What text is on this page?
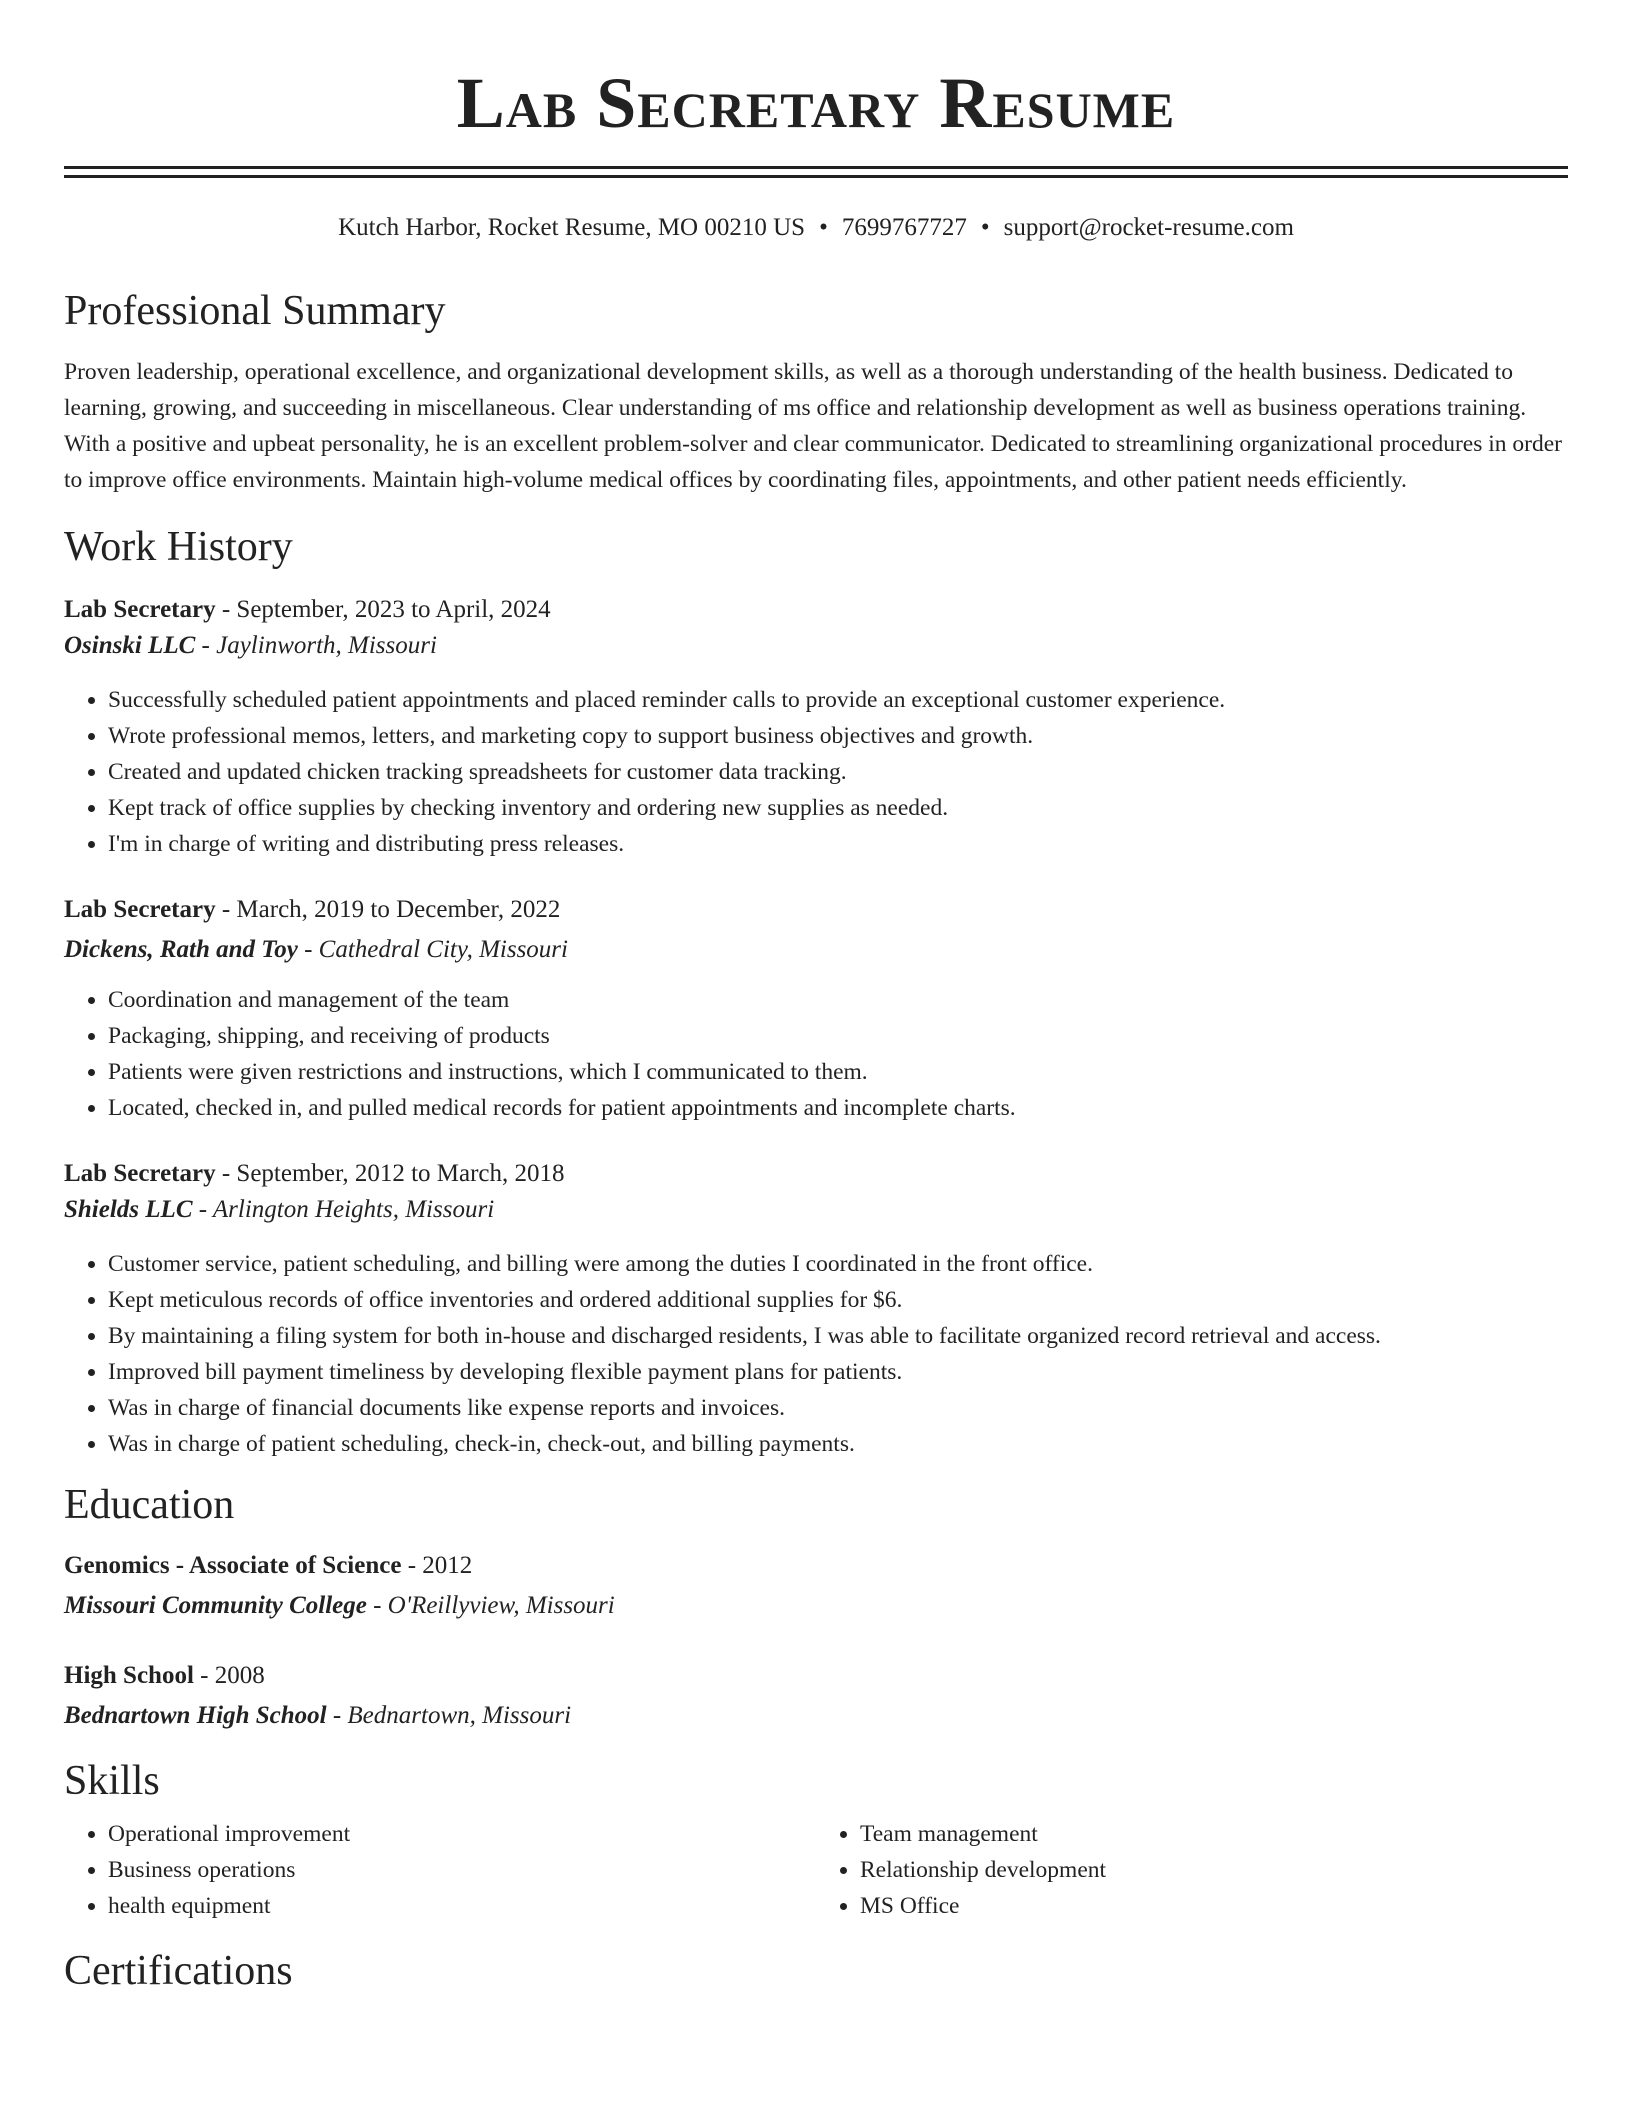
Lab Secretary Resume
Kutch Harbor, Rocket Resume, MO 00210 US • 7699767727 • support@rocket-resume.com
Professional Summary
Proven leadership, operational excellence, and organizational development skills, as well as a thorough understanding of the health business. Dedicated to learning, growing, and succeeding in miscellaneous. Clear understanding of ms office and relationship development as well as business operations training. With a positive and upbeat personality, he is an excellent problem-solver and clear communicator. Dedicated to streamlining organizational procedures in order to improve office environments. Maintain high-volume medical offices by coordinating files, appointments, and other patient needs efficiently.
Work History
Lab Secretary - September, 2023 to April, 2024
Osinski LLC - Jaylinworth, Missouri
• Successfully scheduled patient appointments and placed reminder calls to provide an exceptional customer experience.
• Wrote professional memos, letters, and marketing copy to support business objectives and growth.
• Created and updated chicken tracking spreadsheets for customer data tracking.
• Kept track of office supplies by checking inventory and ordering new supplies as needed.
• I'm in charge of writing and distributing press releases.
Lab Secretary - March, 2019 to December, 2022
Dickens, Rath and Toy - Cathedral City, Missouri
• Coordination and management of the team
• Packaging, shipping, and receiving of products
• Patients were given restrictions and instructions, which I communicated to them.
• Located, checked in, and pulled medical records for patient appointments and incomplete charts.
Lab Secretary - September, 2012 to March, 2018
Shields LLC - Arlington Heights, Missouri
• Customer service, patient scheduling, and billing were among the duties I coordinated in the front office.
• Kept meticulous records of office inventories and ordered additional supplies for $6.
• By maintaining a filing system for both in-house and discharged residents, I was able to facilitate organized record retrieval and access.
• Improved bill payment timeliness by developing flexible payment plans for patients.
• Was in charge of financial documents like expense reports and invoices.
• Was in charge of patient scheduling, check-in, check-out, and billing payments.
Education
Genomics - Associate of Science - 2012
Missouri Community College - O'Reillyview, Missouri
High School - 2008
Bednartown High School - Bednartown, Missouri
Skills
• Operational improvement
• Business operations
• health equipment
• Team management
• Relationship development
• MS Office
Certifications
